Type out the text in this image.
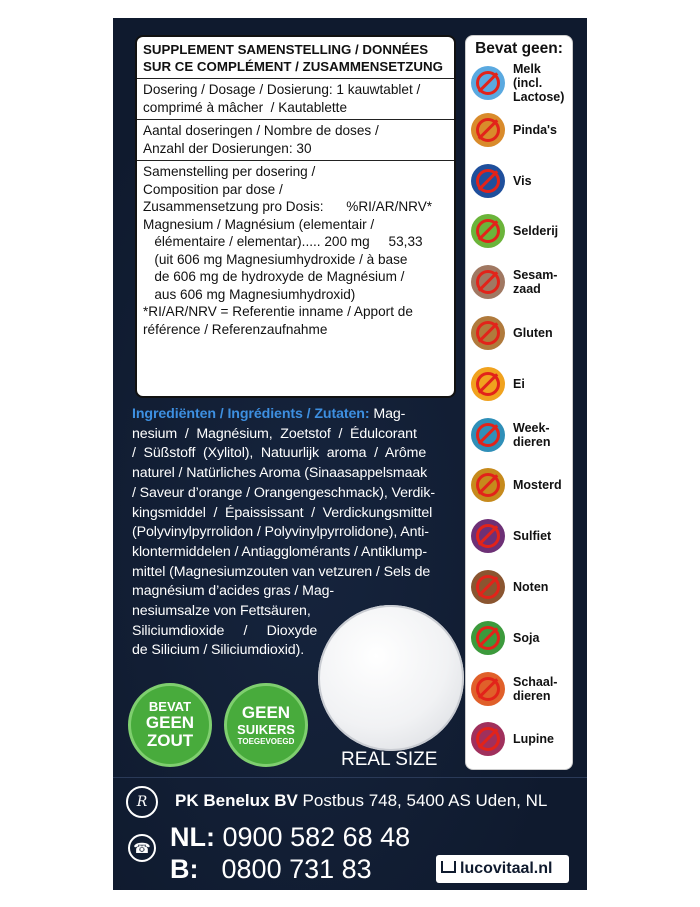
SUPPLEMENT SAMENSTELLING / DONNÉES
SUR CE COMPLÉMENT / ZUSAMMENSETZUNG
Dosering / Dosage / Dosierung: 1 kauwtablet /
comprimé à mâcher  / Kautablette
Aantal doseringen / Nombre de doses /
Anzahl der Dosierungen: 30
Samenstelling per dosering /
Composition par dose /
Zusammensetzung pro Dosis:      %RI/AR/NRV*
Magnesium / Magnésium (elementair /
élémentaire / elementar)..... 200 mg     53,33
(uit 606 mg Magnesiumhydroxide / à base
de 606 mg de hydroxyde de Magnésium /
aus 606 mg Magnesiumhydroxid)
*RI/AR/NRV = Referentie inname / Apport de
référence / Referenzaufnahme
Bevat geen:
Melk
(incl.
Lactose)
Pinda's
Vis
Selderij
Sesam-
zaad
Gluten
Ei
Week-
dieren
Mosterd
Sulfiet
Noten
Soja
Schaal-
dieren
Lupine
Ingrediënten / Ingrédients / Zutaten: Mag-
nesium  /  Magnésium,  Zoetstof  /  Édulcorant
/  Süßstoff  (Xylitol),  Natuurlijk  aroma  /  Arôme
naturel / Natürliches Aroma (Sinaasappelsmaak
/ Saveur d’orange / Orangengeschmack), Verdik-
kingsmiddel  /  Épaississant  /  Verdickungsmittel
(Polyvinylpyrrolidon / Polyvinylpyrrolidone), Anti-
klontermiddelen / Antiagglomérants / Antiklump-
mittel (Magnesiumzouten van vetzuren / Sels de
magnésium d’acides gras / Mag-
nesiumsalze von Fettsäuren,
Siliciumdioxide     /     Dioxyde
de Silicium / Siliciumdioxid).
REAL SIZE
BEVAT
GEEN
ZOUT
GEEN
SUIKERS
TOEGEVOEGD
R	PK Benelux BV Postbus 748, 5400 AS Uden, NL
☎ NL: 0900 582 68 48
B: 0800 731 83	lucovitaal.nl
